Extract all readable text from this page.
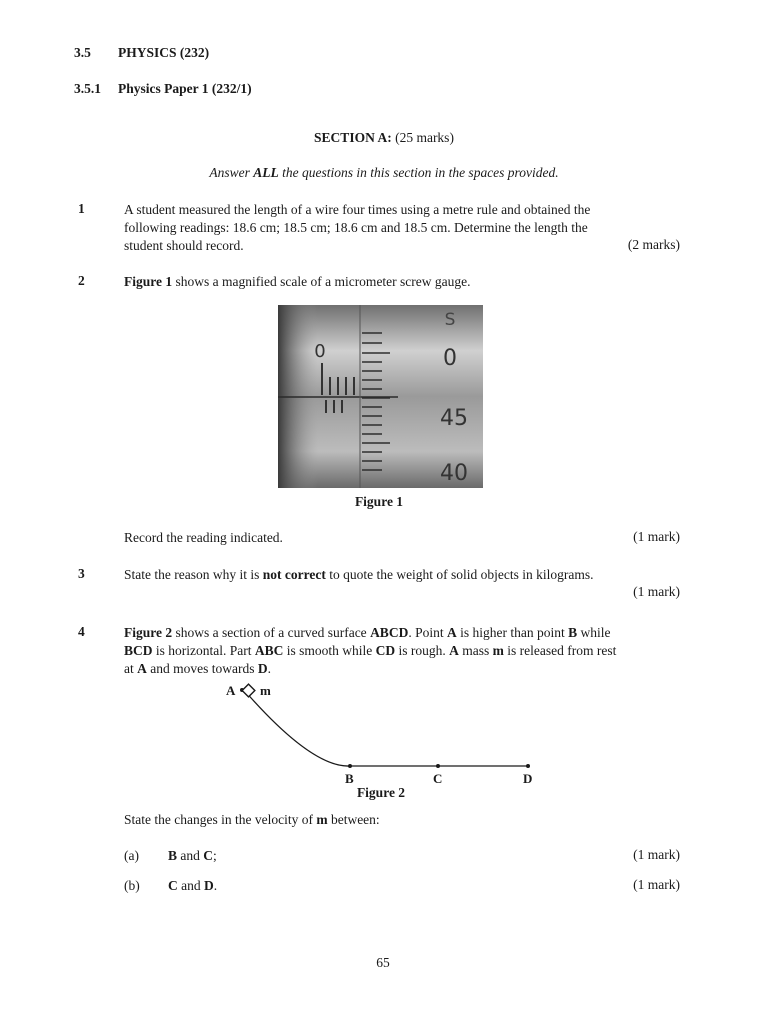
3.5 PHYSICS (232)
3.5.1 Physics Paper 1 (232/1)
SECTION A: (25 marks)
Answer ALL the questions in this section in the spaces provided.
1	A student measured the length of a wire four times using a metre rule and obtained the
following readings: 18.6 cm; 18.5 cm; 18.6 cm and 18.5 cm. Determine the length the
student should record.	(2 marks)
2	Figure 1 shows a magnified scale of a micrometer screw gauge.
0
S
0
45
40
Figure 1
Record the reading indicated.	(1 mark)
3	State the reason why it is not correct to quote the weight of solid objects in kilograms.
(1 mark)
4	Figure 2 shows a section of a curved surface ABCD. Point A is higher than point B while
BCD is horizontal. Part ABC is smooth while CD is rough. A mass m is released from rest
at A and moves towards D.
A m
B	C	D
Figure 2
State the changes in the velocity of m between:
(a) B and C;	(1 mark)
(b) C and D.	(1 mark)
65
